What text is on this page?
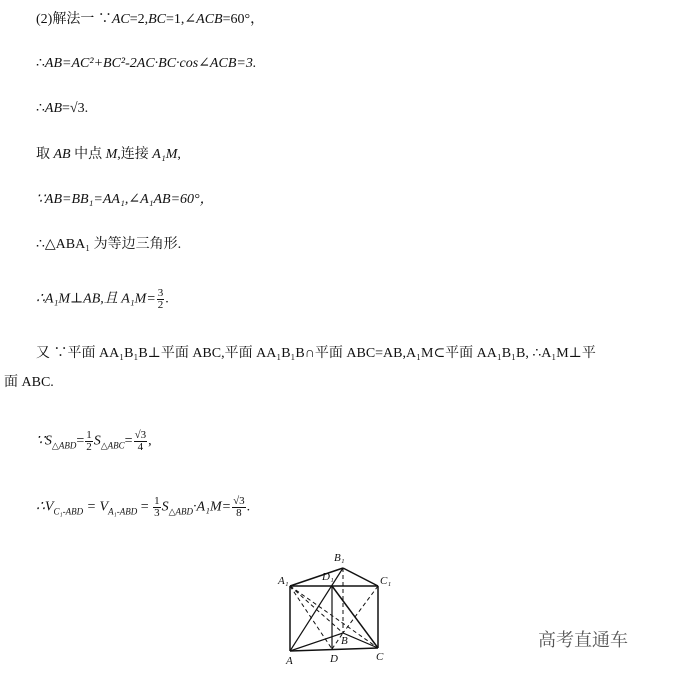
(2)解法一 ∵AC=2,BC=1,∠ACB=60°，
∴AB=AC²+BC²-2AC·BC·cos∠ACB=3.
∴AB=√3.
取 AB 中点 M,连接 A₁M,
∵AB=BB₁=AA₁,∠A₁AB=60°，
∴△ABA₁ 为等边三角形.
∴A₁M⊥AB,且 $A_1M= \frac{3}{2}$ .
又 ∵平面 AA₁B₁B⊥平面 ABC,平面 AA₁B₁B∩平面 ABC=AB,A₁M⊂平面 AA₁B₁B, ∴A₁M⊥平
面 ABC.
$\because S_{\triangle ABD}= \frac{1}{2} S_{\triangle ABC}= \frac{√3}{4}$ ,
$\therefore V_{C_1-ABD} = V_{A_1-ABD} = \frac{1}{3} S_{\triangle ABD}\cdot A_1M= \frac{√3}{8}$ .
B₁
A₁	D₁	C₁
B
A	D	C
高考直通车
